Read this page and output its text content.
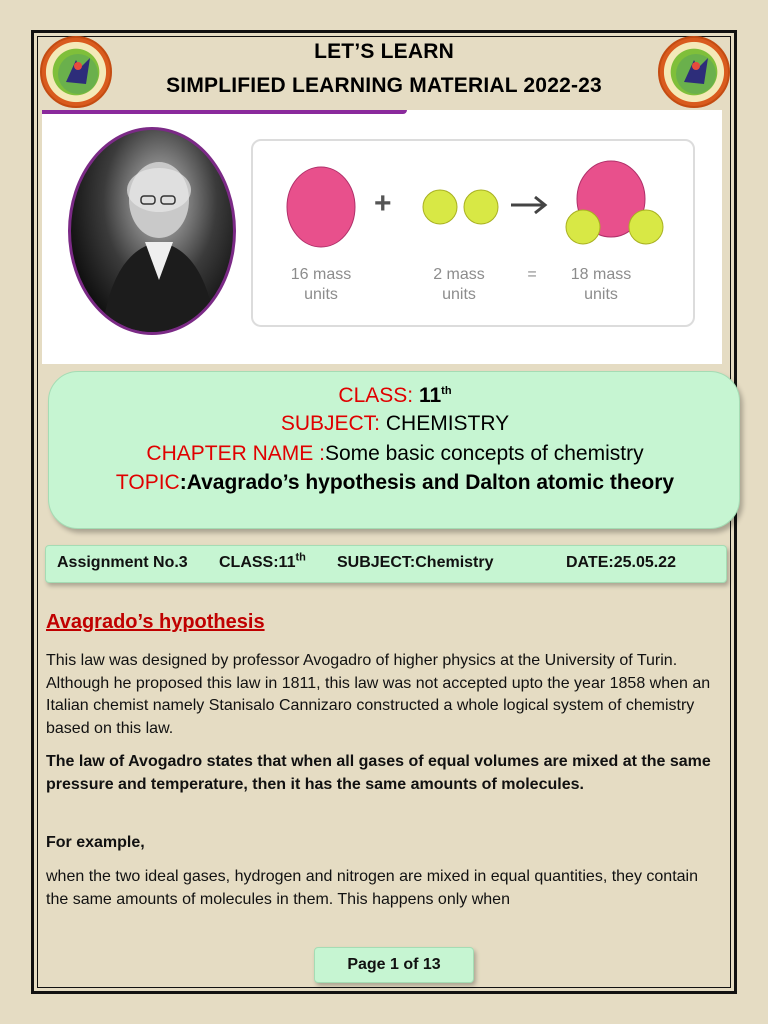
LET’S LEARN
SIMPLIFIED LEARNING MATERIAL 2022-23
+
16 mass
units
2 mass
units
=	18 mass
units
CLASS: 11th
SUBJECT: CHEMISTRY
CHAPTER NAME :Some basic concepts of chemistry
TOPIC:Avagrado’s hypothesis and Dalton atomic theory
Assignment No.3 CLASS:11th SUBJECT:Chemistry	DATE:25.05.22
Avagrado’s hypothesis
This law was designed by professor Avogadro of higher physics at the University of Turin. Although he proposed this law in 1811, this law was not accepted upto the year 1858 when an Italian chemist namely Stanisalo Cannizaro constructed a whole logical system of chemistry based on this law.
The law of Avogadro states that when all gases of equal volumes are mixed at the same pressure and temperature, then it has the same amounts of molecules.
For example,
when the two ideal gases, hydrogen and nitrogen are mixed in equal quantities, they contain the same amounts of molecules in them. This happens only when
Page 1 of 13
